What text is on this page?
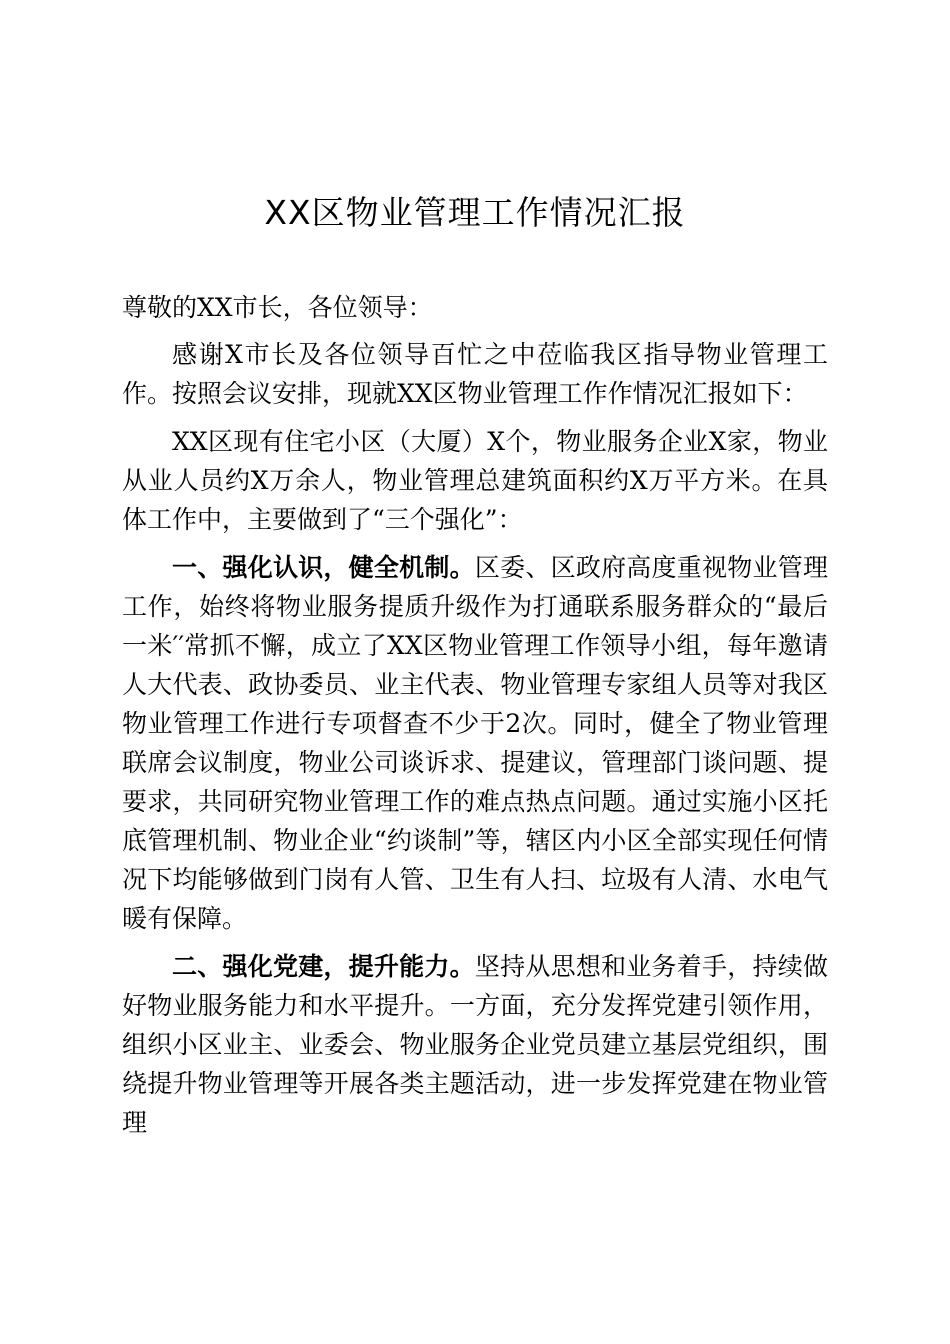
XX区物业管理工作情况汇报

尊敬的XX市长，各位领导：

感谢X市长及各位领导百忙之中莅临我区指导物业管理工作。按照会议安排，现就XX区物业管理工作作情况汇报如下：

XX区现有住宅小区（大厦）X个，物业服务企业X家，物业从业人员约X万余人，物业管理总建筑面积约X万平方米。在具体工作中，主要做到了“三个强化”：

一、强化认识，健全机制。区委、区政府高度重视物业管理工作，始终将物业服务提质升级作为打通联系服务群众的“最后一米′′常抓不懈，成立了XX区物业管理工作领导小组，每年邀请人大代表、政协委员、业主代表、物业管理专家组人员等对我区物业管理工作进行专项督查不少于2次。同时，健全了物业管理联席会议制度，物业公司谈诉求、提建议，管理部门谈问题、提要求，共同研究物业管理工作的难点热点问题。通过实施小区托底管理机制、物业企业“约谈制”等，辖区内小区全部实现任何情况下均能够做到门岗有人管、卫生有人扫、垃圾有人清、水电气暖有保障。

二、强化党建，提升能力。坚持从思想和业务着手，持续做好物业服务能力和水平提升。一方面，充分发挥党建引领作用，组织小区业主、业委会、物业服务企业党员建立基层党组织，围绕提升物业管理等开展各类主题活动，进一步发挥党建在物业管理
